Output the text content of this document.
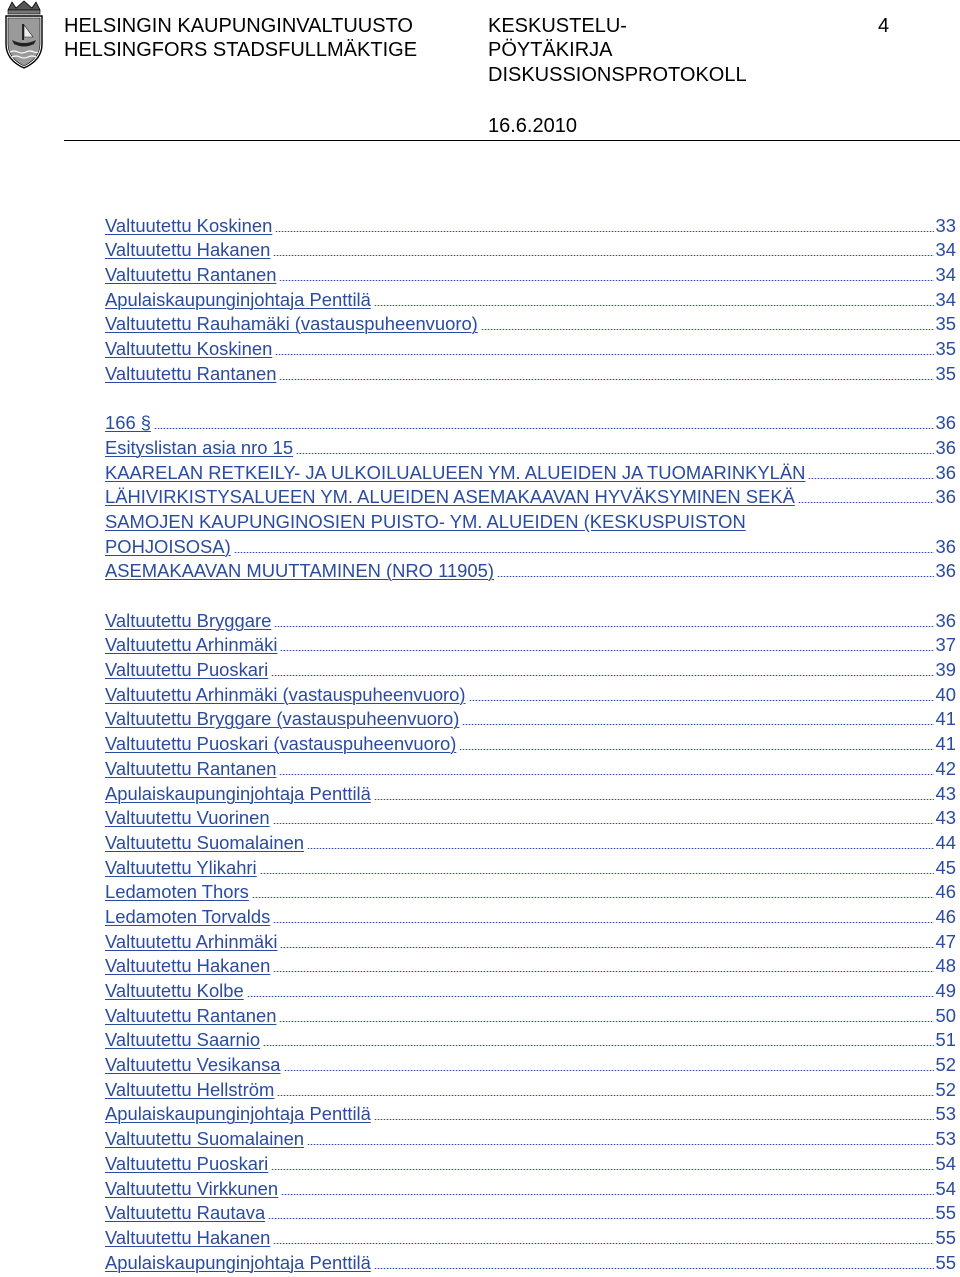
HELSINGIN KAUPUNGINVALTUUSTO
HELSINGFORS STADSFULLMÄKTIGE
KESKUSTELU-
PÖYTÄKIRJA
DISKUSSIONSPROTOKOLL
4
16.6.2010
Valtuutettu Koskinen	33
Valtuutettu Hakanen	34
Valtuutettu Rantanen	34
Apulaiskaupunginjohtaja Penttilä	34
Valtuutettu Rauhamäki (vastauspuheenvuoro)	35
Valtuutettu Koskinen	35
Valtuutettu Rantanen	35
166 §	36
Esityslistan asia nro 15	36
KAARELAN RETKEILY- JA ULKOILUALUEEN YM. ALUEIDEN JA TUOMARINKYLÄN	36
LÄHIVIRKISTYSALUEEN YM. ALUEIDEN ASEMAKAAVAN HYVÄKSYMINEN SEKÄ	36
SAMOJEN KAUPUNGINOSIEN PUISTO- YM. ALUEIDEN (KESKUSPUISTON
POHJOISOSA)	36
ASEMAKAAVAN MUUTTAMINEN (NRO 11905)	36
Valtuutettu Bryggare	36
Valtuutettu Arhinmäki	37
Valtuutettu Puoskari	39
Valtuutettu Arhinmäki (vastauspuheenvuoro)	40
Valtuutettu Bryggare (vastauspuheenvuoro)	41
Valtuutettu Puoskari (vastauspuheenvuoro)	41
Valtuutettu Rantanen	42
Apulaiskaupunginjohtaja Penttilä	43
Valtuutettu Vuorinen	43
Valtuutettu Suomalainen	44
Valtuutettu Ylikahri	45
Ledamoten Thors	46
Ledamoten Torvalds	46
Valtuutettu Arhinmäki	47
Valtuutettu Hakanen	48
Valtuutettu Kolbe	49
Valtuutettu Rantanen	50
Valtuutettu Saarnio	51
Valtuutettu Vesikansa	52
Valtuutettu Hellström	52
Apulaiskaupunginjohtaja Penttilä	53
Valtuutettu Suomalainen	53
Valtuutettu Puoskari	54
Valtuutettu Virkkunen	54
Valtuutettu Rautava	55
Valtuutettu Hakanen	55
Apulaiskaupunginjohtaja Penttilä	55
